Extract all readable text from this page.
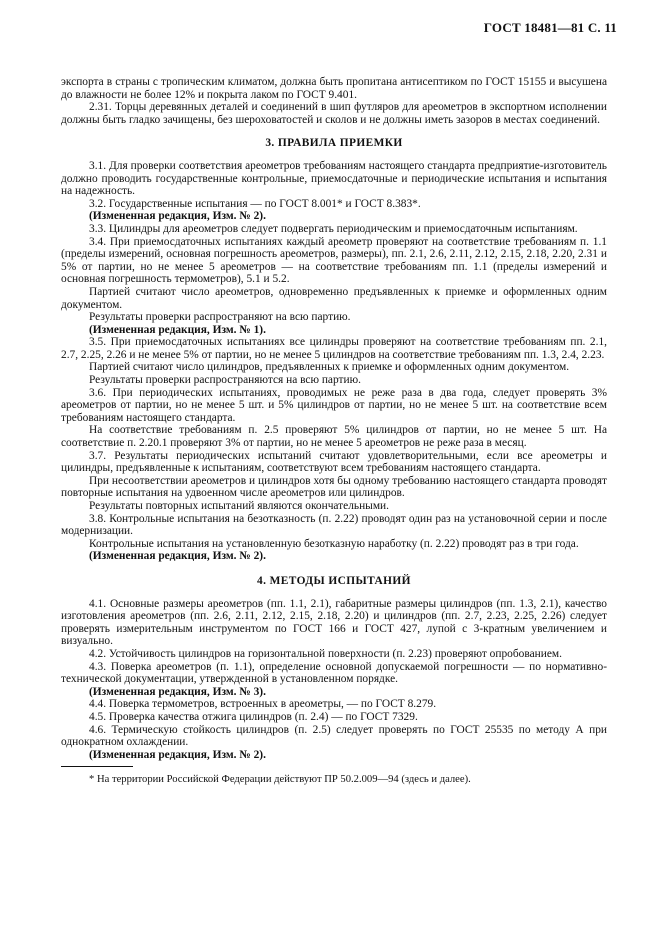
ГОСТ 18481—81 С. 11

экспорта в страны с тропическим климатом, должна быть пропитана антисептиком по ГОСТ 15155 и высушена до влажности не более 12% и покрыта лаком по ГОСТ 9.401.

2.31. Торцы деревянных деталей и соединений в шип футляров для ареометров в экспортном исполнении должны быть гладко зачищены, без шероховатостей и сколов и не должны иметь зазоров в местах соединений.

3. ПРАВИЛА ПРИЕМКИ

3.1. Для проверки соответствия ареометров требованиям настоящего стандарта предприятие-изготовитель должно проводить государственные контрольные, приемосдаточные и периодические испытания и испытания на надежность.

3.2. Государственные испытания — по ГОСТ 8.001* и ГОСТ 8.383*.

(Измененная редакция, Изм. № 2).

3.3. Цилиндры для ареометров следует подвергать периодическим и приемосдаточным испытаниям.

3.4. При приемосдаточных испытаниях каждый ареометр проверяют на соответствие требованиям п. 1.1 (пределы измерений, основная погрешность ареометров, размеры), пп. 2.1, 2.6, 2.11, 2.12, 2.15, 2.18, 2.20, 2.31 и 5% от партии, но не менее 5 ареометров — на соответствие требованиям пп. 1.1 (пределы измерений и основная погрешность термометров), 5.1 и 5.2.

Партией считают число ареометров, одновременно предъявленных к приемке и оформленных одним документом.

Результаты проверки распространяют на всю партию.

(Измененная редакция, Изм. № 1).

3.5. При приемосдаточных испытаниях все цилиндры проверяют на соответствие требованиям пп. 2.1, 2.7, 2.25, 2.26 и не менее 5% от партии, но не менее 5 цилиндров на соответствие требованиям пп. 1.3, 2.4, 2.23.

Партией считают число цилиндров, предъявленных к приемке и оформленных одним документом.

Результаты проверки распространяются на всю партию.

3.6. При периодических испытаниях, проводимых не реже раза в два года, следует проверять 3% ареометров от партии, но не менее 5 шт. и 5% цилиндров от партии, но не менее 5 шт. на соответствие всем требованиям настоящего стандарта.

На соответствие требованиям п. 2.5 проверяют 5% цилиндров от партии, но не менее 5 шт. На соответствие п. 2.20.1 проверяют 3% от партии, но не менее 5 ареометров не реже раза в месяц.

3.7. Результаты периодических испытаний считают удовлетворительными, если все ареометры и цилиндры, предъявленные к испытаниям, соответствуют всем требованиям настоящего стандарта.

При несоответствии ареометров и цилиндров хотя бы одному требованию настоящего стандарта проводят повторные испытания на удвоенном числе ареометров или цилиндров.

Результаты повторных испытаний являются окончательными.

3.8. Контрольные испытания на безотказность (п. 2.22) проводят один раз на установочной серии и после модернизации.

Контрольные испытания на установленную безотказную наработку (п. 2.22) проводят раз в три года.

(Измененная редакция, Изм. № 2).

4. МЕТОДЫ ИСПЫТАНИЙ

4.1. Основные размеры ареометров (пп. 1.1, 2.1), габаритные размеры цилиндров (пп. 1.3, 2.1), качество изготовления ареометров (пп. 2.6, 2.11, 2.12, 2.15, 2.18, 2.20) и цилиндров (пп. 2.7, 2.23, 2.25, 2.26) следует проверять измерительным инструментом по ГОСТ 166 и ГОСТ 427, лупой с 3-кратным увеличением и визуально.

4.2. Устойчивость цилиндров на горизонтальной поверхности (п. 2.23) проверяют опробованием.

4.3. Поверка ареометров (п. 1.1), определение основной допускаемой погрешности — по нормативно-технической документации, утвержденной в установленном порядке.

(Измененная редакция, Изм. № 3).

4.4. Поверка термометров, встроенных в ареометры, — по ГОСТ 8.279.

4.5. Проверка качества отжига цилиндров (п. 2.4) — по ГОСТ 7329.

4.6. Термическую стойкость цилиндров (п. 2.5) следует проверять по ГОСТ 25535 по методу А при однократном охлаждении.

(Измененная редакция, Изм. № 2).

* На территории Российской Федерации действуют ПР 50.2.009—94 (здесь и далее).
